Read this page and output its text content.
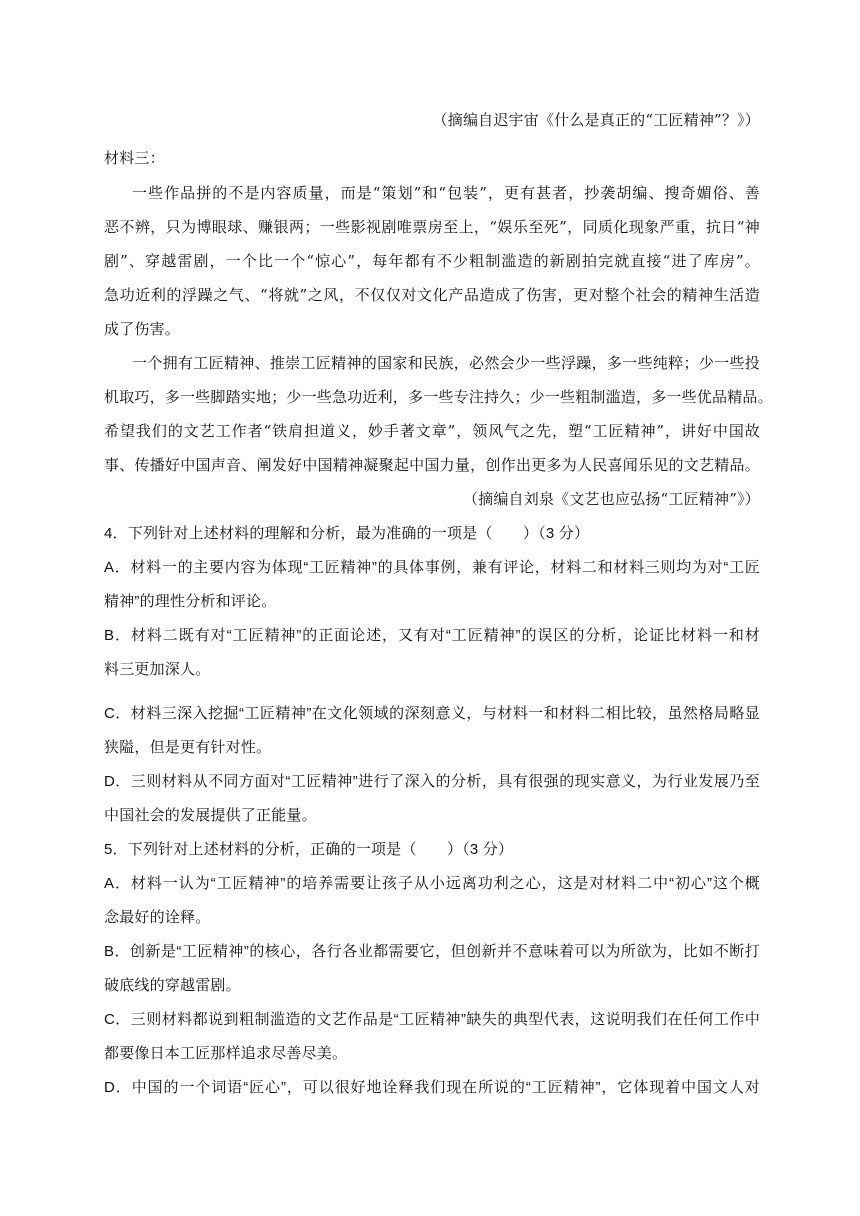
（摘编自迟宇宙《什么是真正的“工匠精神”？》）
材料三：
一些作品拼的不是内容质量，而是“策划”和“包装”，更有甚者，抄袭胡编、搜奇媚俗、善
恶不辨，只为博眼球、赚银两；一些影视剧唯票房至上，“娱乐至死”，同质化现象严重，抗日“神
剧”、穿越雷剧，一个比一个“惊心”，每年都有不少粗制滥造的新剧拍完就直接“进了库房”。
急功近利的浮躁之气、“将就”之风，不仅仅对文化产品造成了伤害，更对整个社会的精神生活造
成了伤害。
一个拥有工匠精神、推崇工匠精神的国家和民族，必然会少一些浮躁，多一些纯粹；少一些投
机取巧，多一些脚踏实地；少一些急功近利，多一些专注持久；少一些粗制滥造，多一些优品精品。
希望我们的文艺工作者“铁肩担道义，妙手著文章”，领风气之先，塑“工匠精神”，讲好中国故
事、传播好中国声音、阐发好中国精神凝聚起中国力量，创作出更多为人民喜闻乐见的文艺精品。
（摘编自刘泉《文艺也应弘扬“工匠精神”》）
4．下列针对上述材料的理解和分析，最为准确的一项是（　　）（3 分）
A．材料一的主要内容为体现“工匠精神”的具体事例，兼有评论，材料二和材料三则均为对“工匠
精神”的理性分析和评论。
B．材料二既有对“工匠精神”的正面论述，又有对“工匠精神”的误区的分析，论证比材料一和材
料三更加深人。
C．材料三深入挖掘“工匠精神”在文化领域的深刻意义，与材料一和材料二相比较，虽然格局略显
狭隘，但是更有针对性。
D．三则材料从不同方面对“工匠精神”进行了深入的分析，具有很强的现实意义，为行业发展乃至
中国社会的发展提供了正能量。
5．下列针对上述材料的分析，正确的一项是（　　）（3 分）
A．材料一认为“工匠精神”的培养需要让孩子从小远离功利之心，这是对材料二中“初心”这个概
念最好的诠释。
B．创新是“工匠精神”的核心，各行各业都需要它，但创新并不意味着可以为所欲为，比如不断打
破底线的穿越雷剧。
C．三则材料都说到粗制滥造的文艺作品是“工匠精神”缺失的典型代表，这说明我们在任何工作中
都要像日本工匠那样追求尽善尽美。
D．中国的一个词语“匠心”，可以很好地诠释我们现在所说的“工匠精神”，它体现着中国文人对
